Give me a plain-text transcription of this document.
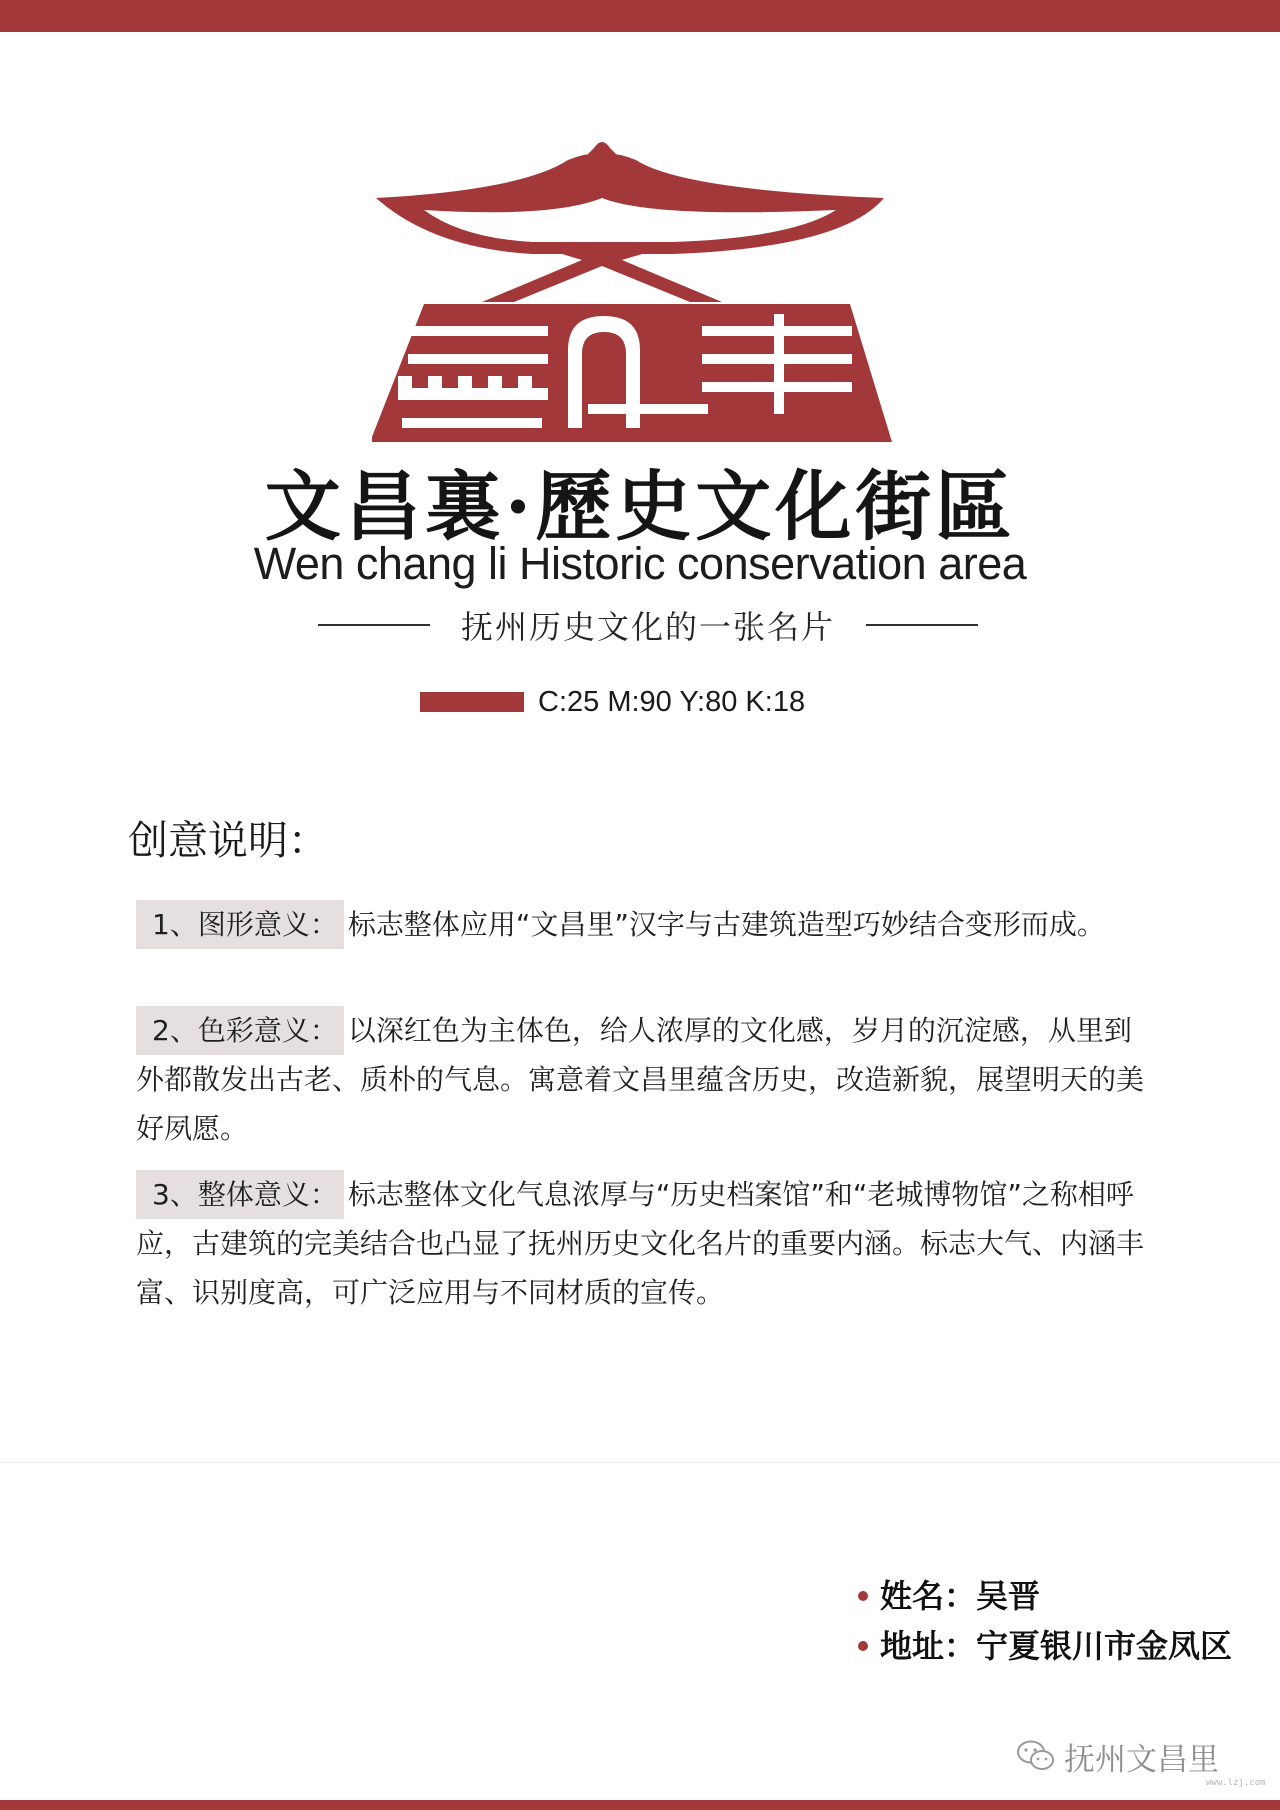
文昌裏·歷史文化街區
Wen chang li Historic conservation area
抚州历史文化的一张名片
C:25 M:90 Y:80 K:18
创意说明：
1、图形意义： 标志整体应用“文昌里”汉字与古建筑造型巧妙结合变形而成。
2、色彩意义： 以深红色为主体色，给人浓厚的文化感，岁月的沉淀感，从里到外都散发出古老、质朴的气息。寓意着文昌里蕴含历史，改造新貌，展望明天的美好夙愿。
3、整体意义： 标志整体文化气息浓厚与“历史档案馆”和“老城博物馆”之称相呼应，古建筑的完美结合也凸显了抚州历史文化名片的重要内涵。标志大气、内涵丰富、识别度高，可广泛应用与不同材质的宣传。
姓名：吴晋
地址：宁夏银川市金凤区
抚州文昌里
www.lzj.com
